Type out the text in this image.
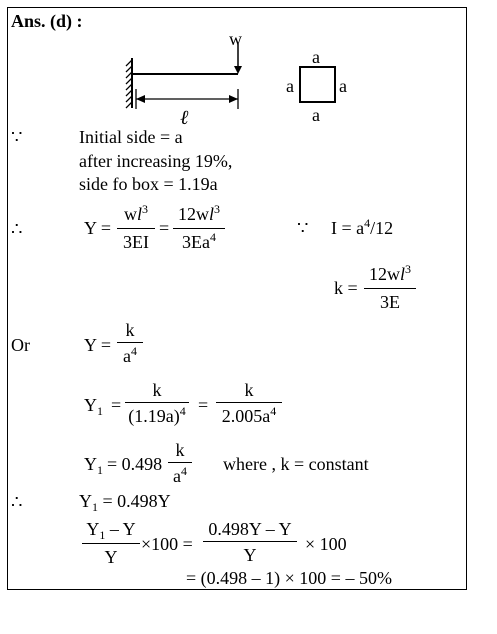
Ans. (d) :
w
ℓ
a
a	a
a
∵	Initial side = a
after increasing 19%,
side fo box = 1.19a
∴	Y =
$wl^3$
3EI
=
$12wl^3$
3Ea$^4$	∵ $I = a^4/12$
k =
$12wl^3$
3E
Or	Y =
k
$a^4$
$Y_1$ =
k
$(1.19a)^4$ =
k
$2.005a^4$
$Y_1 = 0.498$
k
$a^4$ where , k = constant
∴	$Y_1 = 0.498Y$
$Y_1$ – Y
Y
×100 =
0.498Y – Y
Y
× 100
= (0.498 – 1) × 100 = – 50%
